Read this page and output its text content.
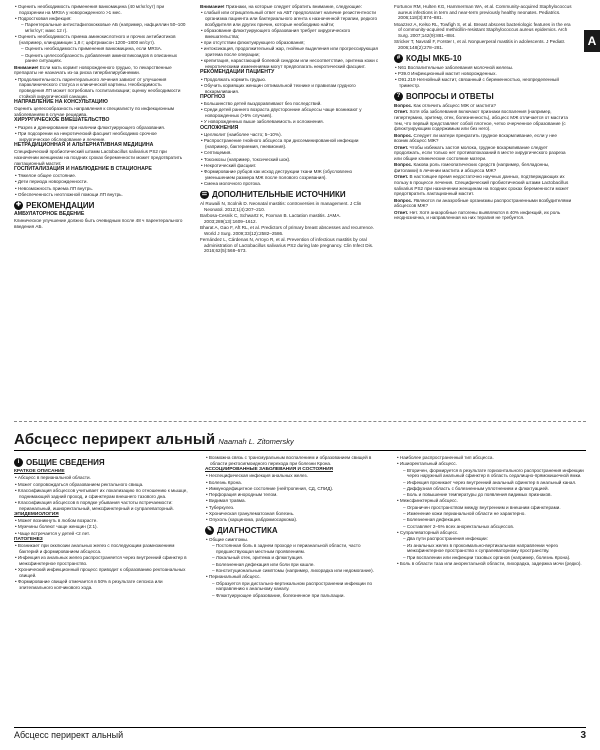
A

• Оценить необходимость применения ванкомицина (40 мг/кг/сут) при подозрении на MRSA у новорожденного >1 мес.

• Подростковая инфекция:

– Парентеральные антистафилококковые АБ (например, нафциллин 50–100 мг/кг/сут; макс 12 г).

• Оценить необходимость приема аминокислотного и прочих антибиотиков (например, клиндамицин 1,8 г; цефтриаксон 1200–1800 мг/сут).

– Оценить необходимость применения ванкомицина, если MRSA.

– Оценить целесообразность добавления аминогликозидов в описанных ранее ситуациях.

Внимание! Если мать кормит новорожденного грудью, то лекарственные препараты не назначать из-за риска гипербилирубинемии.

• Продолжительность парентерального лечения зависит от улучшения параклинического статуса и клинической картины. Необходимость проведения ЛП может потребовать госпитализации; оценку необходимости стойкой хирургической санации.

НАПРАВЛЕНИЕ НА КОНСУЛЬТАЦИЮ

Оценить целесообразность направления к специалисту по инфекционным заболеваниям в случае рецидива.

ХИРУРГИЧЕСКОЕ ВМЕШАТЕЛЬСТВО

• Разрез и дренирование при наличии флюктуирующего образования.

• При подозрении на некротический фасциит необходимо срочное хирургическое обследование и лечение.

НЕТРАДИЦИОННАЯ И АЛЬТЕРНАТИВНАЯ МЕДИЦИНА

Специфический пробиотический штамм Lactobacillus salivarius PS2 при назначении женщинам на поздних сроках беременности может предотвратить лактационный мастит.

ГОСПИТАЛИЗАЦИЯ И НАБЛЮДЕНИЕ В СТАЦИОНАРЕ

• Тяжелое общее состояние.

• Дети периода новорожденности.

• Невозможность приема ЛП внутрь.

• Обеспеченность неотложной помощи ЛП внутрь.

✚ РЕКОМЕНДАЦИИ

АМБУЛАТОРНОЕ ВЕДЕНИЕ

Клиническое улучшение должно быть очевидным после 48 ч парентерального введения АБ.

Внимание! Признаки, на которые следует обратить внимание, следующие:

• слабый или отрицательный ответ на АБТ предполагает наличие резистентности организма пациента или бактериального агента к назначенной терапии, редкого возбудителя или других причин, которые необходимо найти;

• образование флюктуирующего образования требует хирургического вмешательства;

• при отсутствии флюктуирующего образования;

• интоксикация, продолжительный жар, гнойные выделения или прогрессирующая эритема после операции;

• крепитация, нарастающий болевой синдром или несоответствие, эритема кожи с некротическими изменениями могут предполагать некротический фасциит.

РЕКОМЕНДАЦИИ ПАЦИЕНТУ

• Продолжать кормить грудью.

• Обучить кормящих женщин оптимальной технике и правилам грудного вскармливания.

ПРОГНОЗ

• Большинство детей выздоравливают без последствий.

• Среди детей раннего возраста двусторонние абсцессы чаще возникают у новорожденных (>5% случаев).

• У новорожденных выше заболеваемость и осложнения.

ОСЛОЖНЕНИЯ

• Целлюлит (наиболее часто; 5–10%).

• Распространение гнойного абсцесса при диссеминированной инфекции (например, бактериемия, пневмония).

• Септицемия.

• Токсикозы (например, токсический шок).

• Некротический фасциит.

• Формирование рубцов как исход деструкции ткани МЖ (обусловлено уменьшением размера МЖ после полового созревания).

• Смена молочного протока.

☰ ДОПОЛНИТЕЛЬНЫЕ ИСТОЧНИКИ

Al Ruwaili N, Scolnik D. Neonatal mastitis: controversies in management. J Clin Neonatol. 2012;1(4):207–210.

Barbosa-Cesnik C, Schwartz K, Foxman B. Lactation mastitis. JAMA. 2003;289(13):1609–1612.

Bharat A, Gao F, Aft RL, et al. Predictors of primary breast abscesses and recurrence. World J Surg. 2009;33(12):2582–2586.

Fernández L, Cárdenas N, Arroyo R, et al. Prevention of infectious mastitis by oral administration of Lactobacillus salivarius PS2 during late pregnancy. Clin Infect Dis. 2016;62(5):568–573.

Fortunov RM, Hulten KG, Hammerman WA, et al. Community-acquired Staphylococcus aureus infections in term and near-term previously healthy neonates. Pediatrics. 2006;118(3):874–881.

Moazzez A, Kelso RL, Towfigh S, et al. Breast abscess bacteriologic features in the era of community-acquired methicillin-resistant Staphylococcus aureus epidemics. Arch Surg. 2007;142(9):881–884.

Stricker T, Navratil F, Forster I, et al. Nonpuerperal mastitis in adolescents. J Pediatr. 2006;148(2):278–281.

# КОДЫ МКБ-10

• N61 Воспалительные заболевания молочной железы.

• P39.0 Инфекционный мастит новорожденных.

• O91.219 Негнойный мастит, связанный с беременностью, неопределенный триместр.

? ВОПРОСЫ И ОТВЕТЫ

Вопрос. Как отличить абсцесс МЖ от мастита?

Ответ. Хотя оба заболевания включают признаки воспаления (например, гипертермию, эритему, отек, болезненность), абсцесс МЖ отличается от мастита тем, что первый представляет собой плотное, четко очерченное образование (с флюктуирующим содержимым или без него).

Вопрос. Следует ли матери прекратить грудное вскармливание, если у нее возник абсцесс МЖ?

Ответ. Чтобы избежать застоя молока, грудное вскармливание следует продолжать, если только нет противопоказаний в месте хирургического разреза или общие клинические состояние матери.

Вопрос. Какова роль гомеопатических средств (например, белладонны, фитолакки) в лечении мастита и абсцесса МЖ?

Ответ. В настоящее время недостаточно научных данных, подтверждающих их пользу в процессе лечения. Специфический пробиотический штамм Lactobacillus salivarius PS2 при назначении женщинам на поздних сроках беременности может предотвратить лактационный мастит.

Вопрос. Являются ли анаэробные организмы распространенными возбудителями абсцессов МЖ?

Ответ. Нет. Хотя анаэробные патогены выявляются в 40% инфекций, их роль неоднозначна, и направленная на них терапия не требуется.

Абсцесс перирект альный Naamah L. Zitomersky
i ОБЩИЕ СВЕДЕНИЯ

КРАТКОЕ ОПИСАНИЕ

• Абсцесс в перианальной области.

• Может сопровождаться образованием ректального свища.

• Классификация абсцессов учитывает их локализацию по отношению к мышце, поднимающей задний проход, и сфинктерам внешнего тазового дна.

• Классификация абсцессов в порядке убывания частоты встречаемости: перианальный, ишиоректальный, межсфинктерный и супралеваторный.

ЭПИДЕМИОЛОГИЯ

• Может возникнуть в любом возрасте.

• Мужчины болеют чаще женщин (2:1).

• Чаще встречается у детей <2 лет.

ПАТОГЕНЕЗ

• Возникает при окклюзии анальных желез с последующим размножением бактерий и формированием абсцесса.

• Инфекция из анальных желез распространяется через внутренний сфинктер в межсфинктерное пространство.

• Хронический инфекционный процесс приводит к образованию ректоанальных свищей.

• Формирование свищей отмечается в 50% в результате сепсиса или эпителиального копчикового хода.

• Возможна связь с трансмуральным воспалением и образованием свищей в области ректосигмоидного перехода при болезни Крона.

АССОЦИИРОВАННЫЕ ЗАБОЛЕВАНИЯ И СОСТОЯНИЯ

• Неспецифическая инфекция анальных желез.

• Болезнь Крона.

• Иммунодефицитное состояние (нейтропения, СД, СПИД).

• Перфорация инородным телом.

• Видимая травма.

• Туберкулез.

• Хроническая гранулематозная болезнь.

• Опухоль (карцинома, рабдомиосаркома).

✎ ДИАГНОСТИКА

• Общие симптомы.

– Постоянная боль в заднем проходе и перианальной области, часто предшествующая местным проявлениям.

– Локальный отек, эритема и флюктуация.

– Болезненная дефекация или боли при кашле.

– Конституциональные симптомы (например, лихорадка или недомогание).

• Перианальный абсцесс.

– Образуется при дистально-вертикальном распространении инфекции по направлению к анальному каналу.

– Флюктуирующее образование, болезненное при пальпации.

• Наиболее распространенный тип абсцесса.

• Ишиоректальный абсцесс.

– Вторичен, формируется в результате горизонтального распространения инфекции через наружный анальный сфинктер в область седалищно-прямокишечной ямки.

– Инфекция проникает через внутренний анальный сфинктер в анальный канал.

– Диффузная область с болезненным уплотнением и флюктуацией.

– Боль и повышение температуры до появления видимых признаков.

• Межсфинктерный абсцесс.

– Ограничен пространством между внутренним и внешним сфинктерами.

– Изменение кожи перианальной области не характерно.

– Болезненная дефекация.

– Составляет 2–5% всех аноректальных абсцессов.

• Супралеваторный абсцесс.

– Два пути распространения инфекции:

– Из анальных желез в проксимально-вертикальном направлении через межсфинктерное пространство к супралеваторному пространству.

– При воспалении или инфекции тазовых органов (например, болезнь Крона).

• Боль в области таза или аноректальной области, лихорадка, задержка мочи (редко).

Абсцесс перирект альный	3
